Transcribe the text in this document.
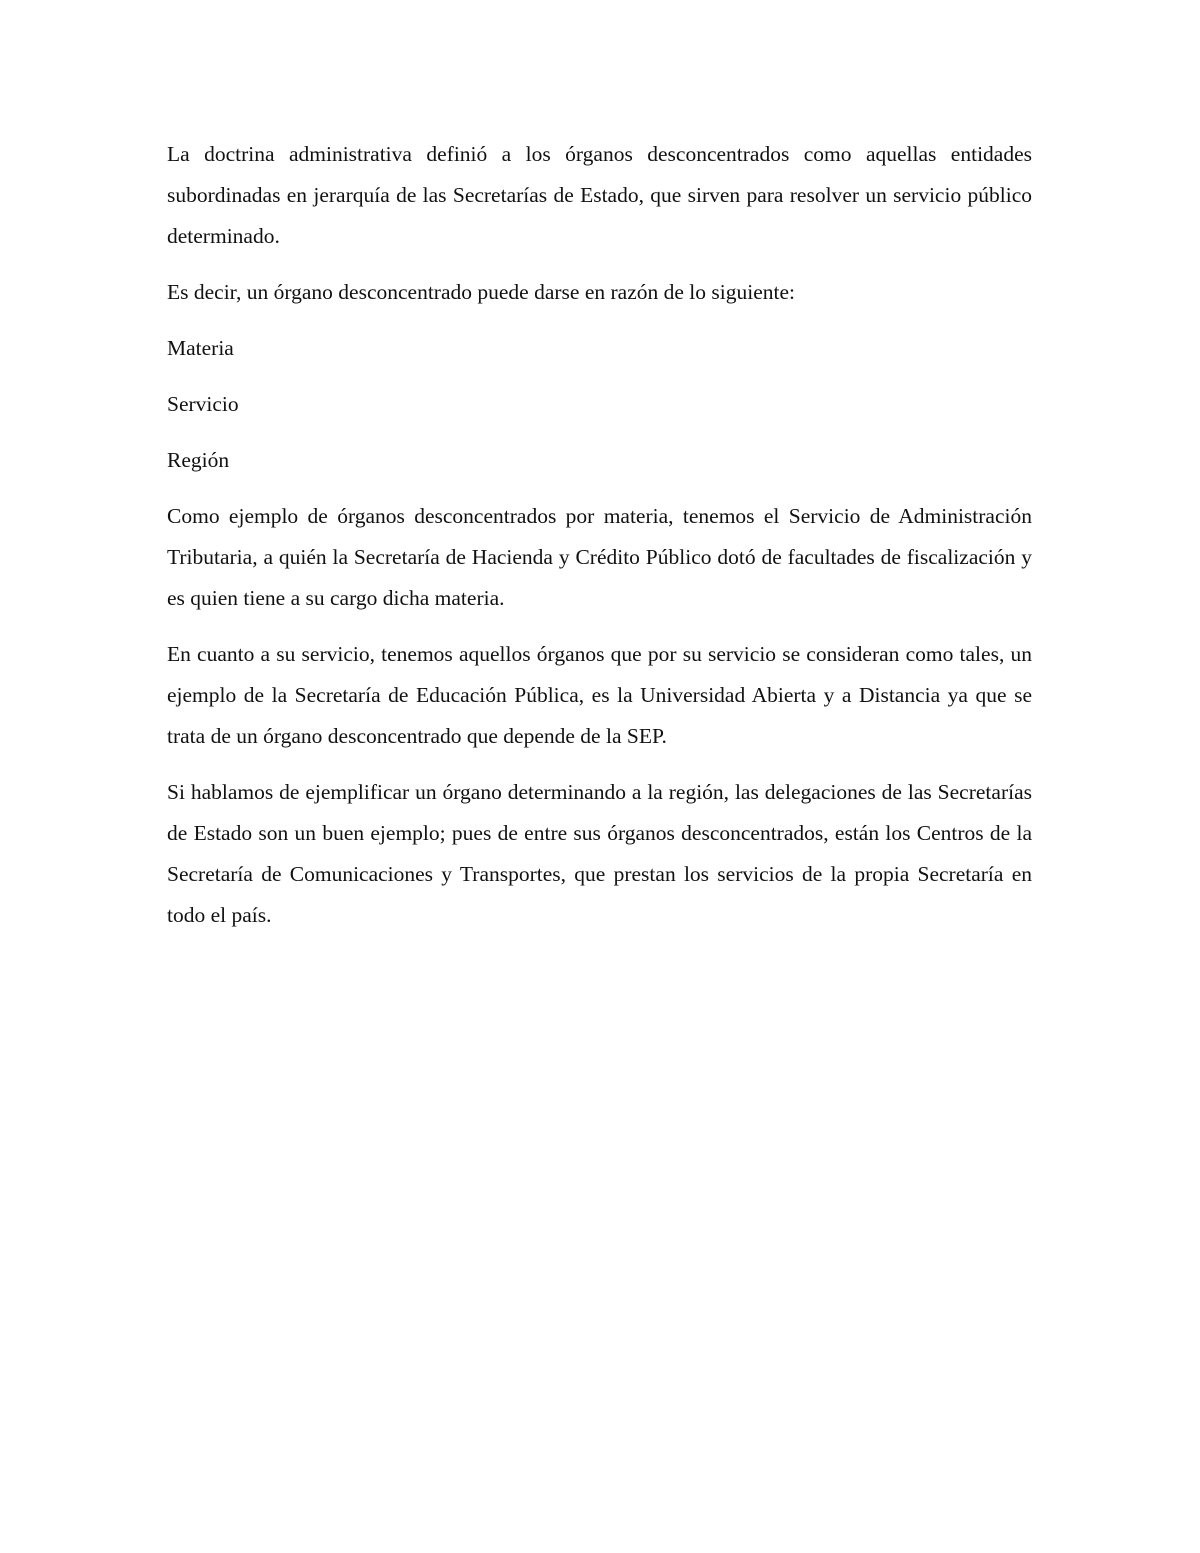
La doctrina administrativa definió a los órganos desconcentrados como aquellas entidades subordinadas en jerarquía de las Secretarías de Estado, que sirven para resolver un servicio público determinado.

Es decir, un órgano desconcentrado puede darse en razón de lo siguiente:

Materia

Servicio

Región

Como ejemplo de órganos desconcentrados por materia, tenemos el Servicio de Administración Tributaria, a quién la Secretaría de Hacienda y Crédito Público dotó de facultades de fiscalización y es quien tiene a su cargo dicha materia.

En cuanto a su servicio, tenemos aquellos órganos que por su servicio se consideran como tales, un ejemplo de la Secretaría de Educación Pública, es la Universidad Abierta y a Distancia ya que se trata de un órgano desconcentrado que depende de la SEP.

Si hablamos de ejemplificar un órgano determinando a la región, las delegaciones de las Secretarías de Estado son un buen ejemplo; pues de entre sus órganos desconcentrados, están los Centros de la Secretaría de Comunicaciones y Transportes, que prestan los servicios de la propia Secretaría en todo el país.
